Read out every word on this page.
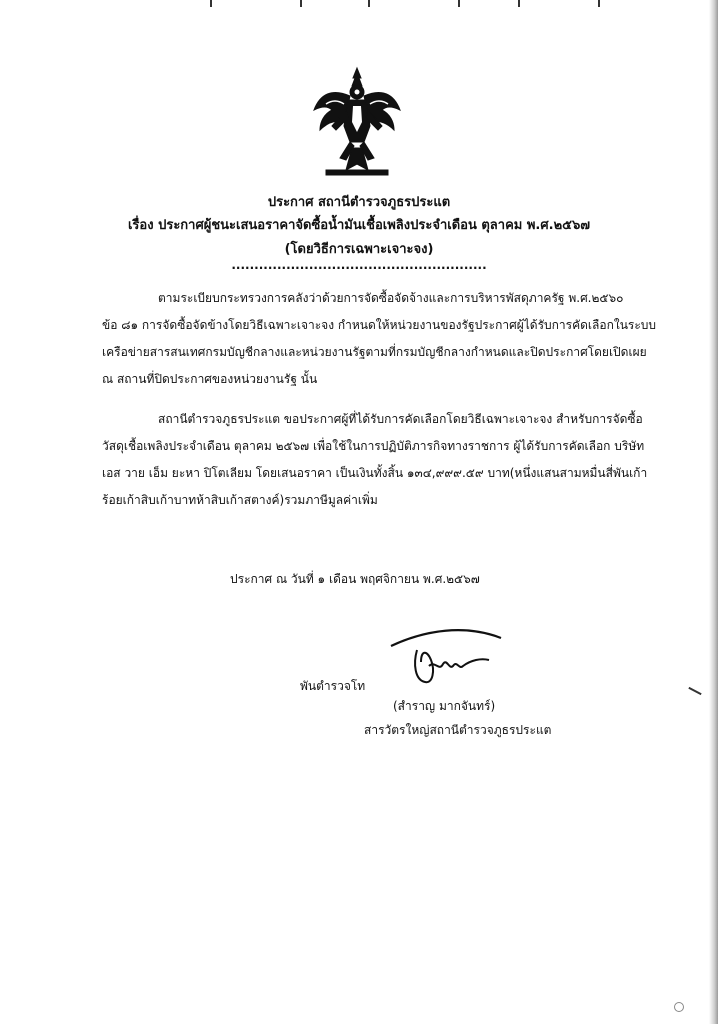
ประกาศ สถานีตำรวจภูธรประแต
เรื่อง ประกาศผู้ชนะเสนอราคาจัดซื้อน้ำมันเชื้อเพลิงประจำเดือน ตุลาคม พ.ศ.๒๕๖๗
(โดยวิธีการเฉพาะเจาะจง)
........................................................
ตามระเบียบกระทรวงการคลังว่าด้วยการจัดซื้อจัดจ้างและการบริหารพัสดุภาครัฐ พ.ศ.๒๕๖๐
ข้อ ๘๑ การจัดซื้อจัดข้างโดยวิธีเฉพาะเจาะจง กำหนดให้หน่วยงานของรัฐประกาศผู้ได้รับการคัดเลือกในระบบ
เครือข่ายสารสนเทศกรมบัญชีกลางและหน่วยงานรัฐตามที่กรมบัญชีกลางกำหนดและปิดประกาศโดยเปิดเผย
ณ สถานที่ปิดประกาศของหน่วยงานรัฐ นั้น
สถานีตำรวจภูธรประแต ขอประกาศผู้ที่ได้รับการคัดเลือกโดยวิธีเฉพาะเจาะจง สำหรับการจัดซื้อ
วัสดุเชื้อเพลิงประจำเดือน ตุลาคม ๒๕๖๗ เพื่อใช้ในการปฏิบัติภารกิจทางราชการ ผู้ได้รับการคัดเลือก บริษัท
เอส วาย เอ็ม ยะหา ปิโตเลียม โดยเสนอราคา เป็นเงินทั้งสิ้น ๑๓๔,๙๙๙.๕๙ บาท(หนึ่งแสนสามหมื่นสี่พันเก้า
ร้อยเก้าสิบเก้าบาทห้าสิบเก้าสตางค์)รวมภาษีมูลค่าเพิ่ม
ประกาศ ณ วันที่ ๑ เดือน พฤศจิกายน พ.ศ.๒๕๖๗
พันตำรวจโท
(สำราญ มากจันทร์)
สารวัตรใหญ่สถานีตำรวจภูธรประแต
